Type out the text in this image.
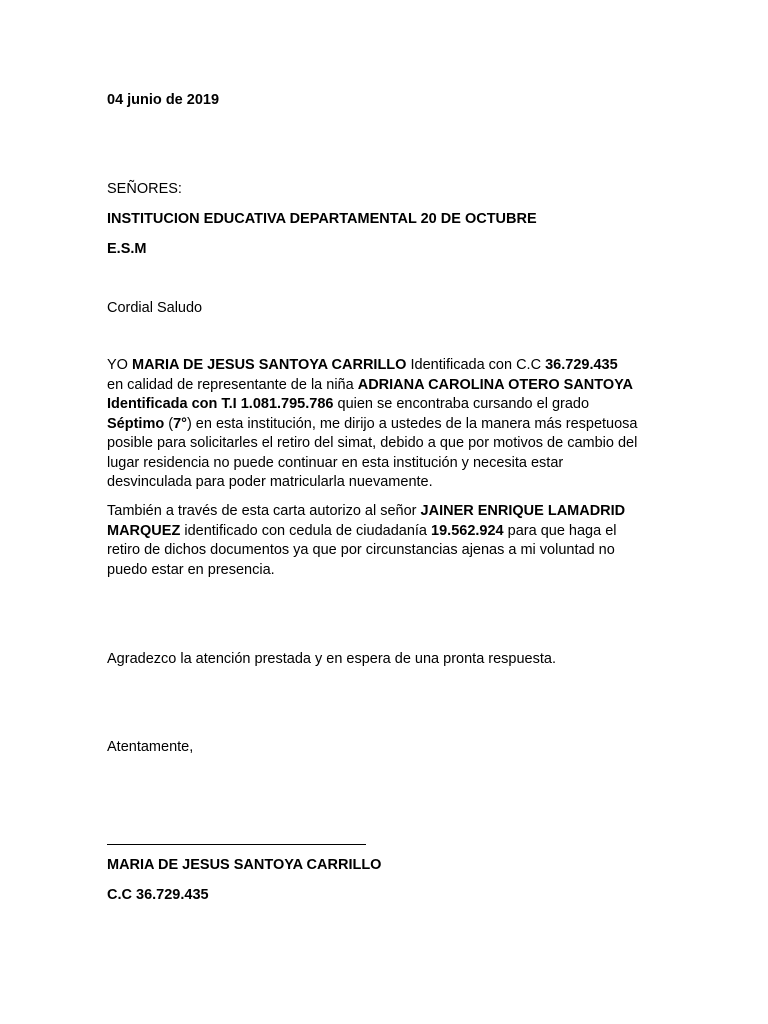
04 junio de 2019
SEÑORES:
INSTITUCION EDUCATIVA DEPARTAMENTAL 20 DE OCTUBRE
E.S.M
Cordial Saludo
YO MARIA DE JESUS SANTOYA CARRILLO Identificada con C.C 36.729.435
en calidad de representante de la niña ADRIANA CAROLINA OTERO SANTOYA
Identificada con T.I 1.081.795.786 quien se encontraba cursando el grado
Séptimo (7°) en esta institución, me dirijo a ustedes de la manera más respetuosa
posible para solicitarles el retiro del simat, debido a que por motivos de cambio del
lugar residencia no puede continuar en esta institución y necesita estar
desvinculada para poder matricularla nuevamente.
También a través de esta carta autorizo al señor JAINER ENRIQUE LAMADRID
MARQUEZ identificado con cedula de ciudadanía 19.562.924 para que haga el
retiro de dichos documentos ya que por circunstancias ajenas a mi voluntad no
puedo estar en presencia.
Agradezco la atención prestada y en espera de una pronta respuesta.
Atentamente,
MARIA DE JESUS SANTOYA CARRILLO
C.C 36.729.435
